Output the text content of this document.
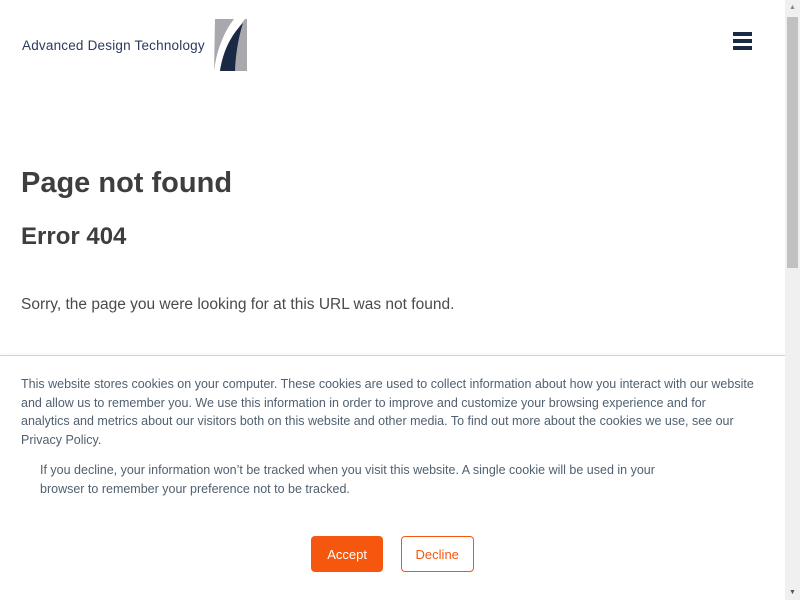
Advanced Design Technology
Page not found
Error 404

Sorry, the page you were looking for at this URL was not found.

This website stores cookies on your computer. These cookies are used to collect information about how you interact with our website and allow us to remember you. We use this information in order to improve and customize your browsing experience and for analytics and metrics about our visitors both on this website and other media. To find out more about the cookies we use, see our Privacy Policy.

If you decline, your information won’t be tracked when you visit this website. A single cookie will be used in your browser to remember your preference not to be tracked.

Accept	Decline
▲
▼
